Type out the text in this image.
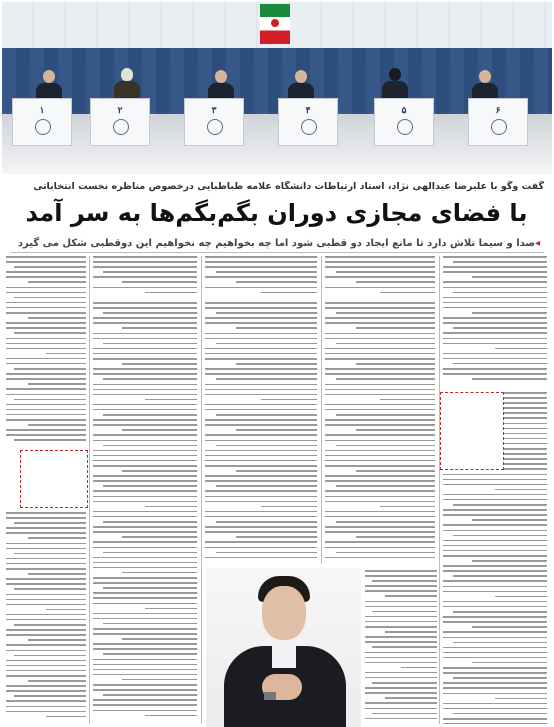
۱	۲	۳	۴	۵	۶
گفت وگو با علیرضا عبدالهی نژاد، استاد ارتباطات دانشگاه علامه طباطبایی درخصوص مناظره نخست انتخاباتی
با فضای مجازی دوران بگم‌بگم‌ها به سر آمد
◂صدا و سیما تلاش دارد تا مانع ایجاد دو قطبی شود اما چه بخواهیم چه نخواهیم این دوقطبی شکل می گیرد
